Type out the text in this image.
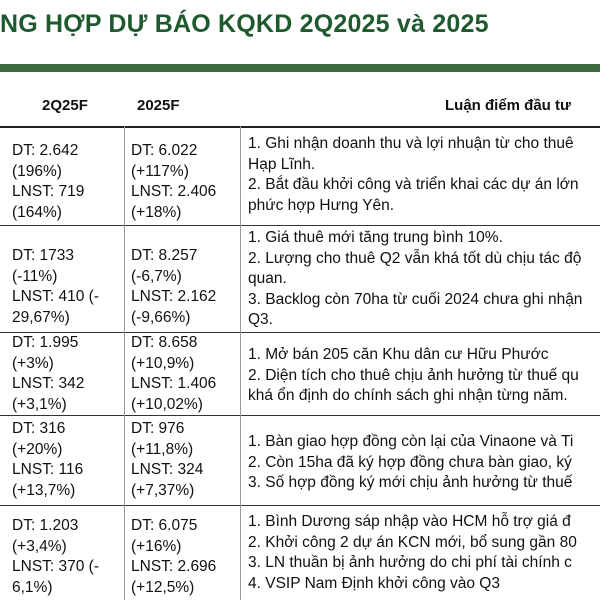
NG HỢP DỰ BÁO KQKD 2Q2025 và 2025
2Q25F	2025F	Luận điểm đầu tư
DT: 2.642
(196%)
LNST: 719
(164%)
DT: 6.022
(+117%)
LNST: 2.406
(+18%)
1. Ghi nhận doanh thu và lợi nhuận từ cho thuê
Hạp Lĩnh.
2. Bắt đầu khởi công và triển khai các dự án lớn
phức hợp Hưng Yên.
DT: 1733
(-11%)
LNST: 410 (-
29,67%)
DT: 8.257
(-6,7%)
LNST: 2.162
(-9,66%)
1. Giá thuê mới tăng trung bình 10%.
2. Lượng cho thuê Q2 vẫn khá tốt dù chịu tác độ
quan.
3. Backlog còn 70ha từ cuối 2024 chưa ghi nhận
Q3.
DT: 1.995
(+3%)
LNST: 342
(+3,1%)
DT: 8.658
(+10,9%)
LNST: 1.406
(+10,02%)
1. Mở bán 205 căn Khu dân cư Hữu Phước
2. Diện tích cho thuê chịu ảnh hưởng từ thuế qu
khá ổn định do chính sách ghi nhận từng năm.
DT: 316
(+20%)
LNST: 116
(+13,7%)
DT: 976
(+11,8%)
LNST: 324
(+7,37%)
1. Bàn giao hợp đồng còn lại của Vinaone và Ti
2. Còn 15ha đã ký hợp đồng chưa bàn giao, ký
3. Số hợp đồng ký mới chịu ảnh hưởng từ thuế
DT: 1.203
(+3,4%)
LNST: 370 (-
6,1%)
DT: 6.075
(+16%)
LNST: 2.696
(+12,5%)
1. Bình Dương sáp nhập vào HCM hỗ trợ giá đ
2. Khởi công 2 dự án KCN mới, bổ sung gần 80
3. LN thuần bị ảnh hưởng do chi phí tài chính c
4. VSIP Nam Định khởi công vào Q3
